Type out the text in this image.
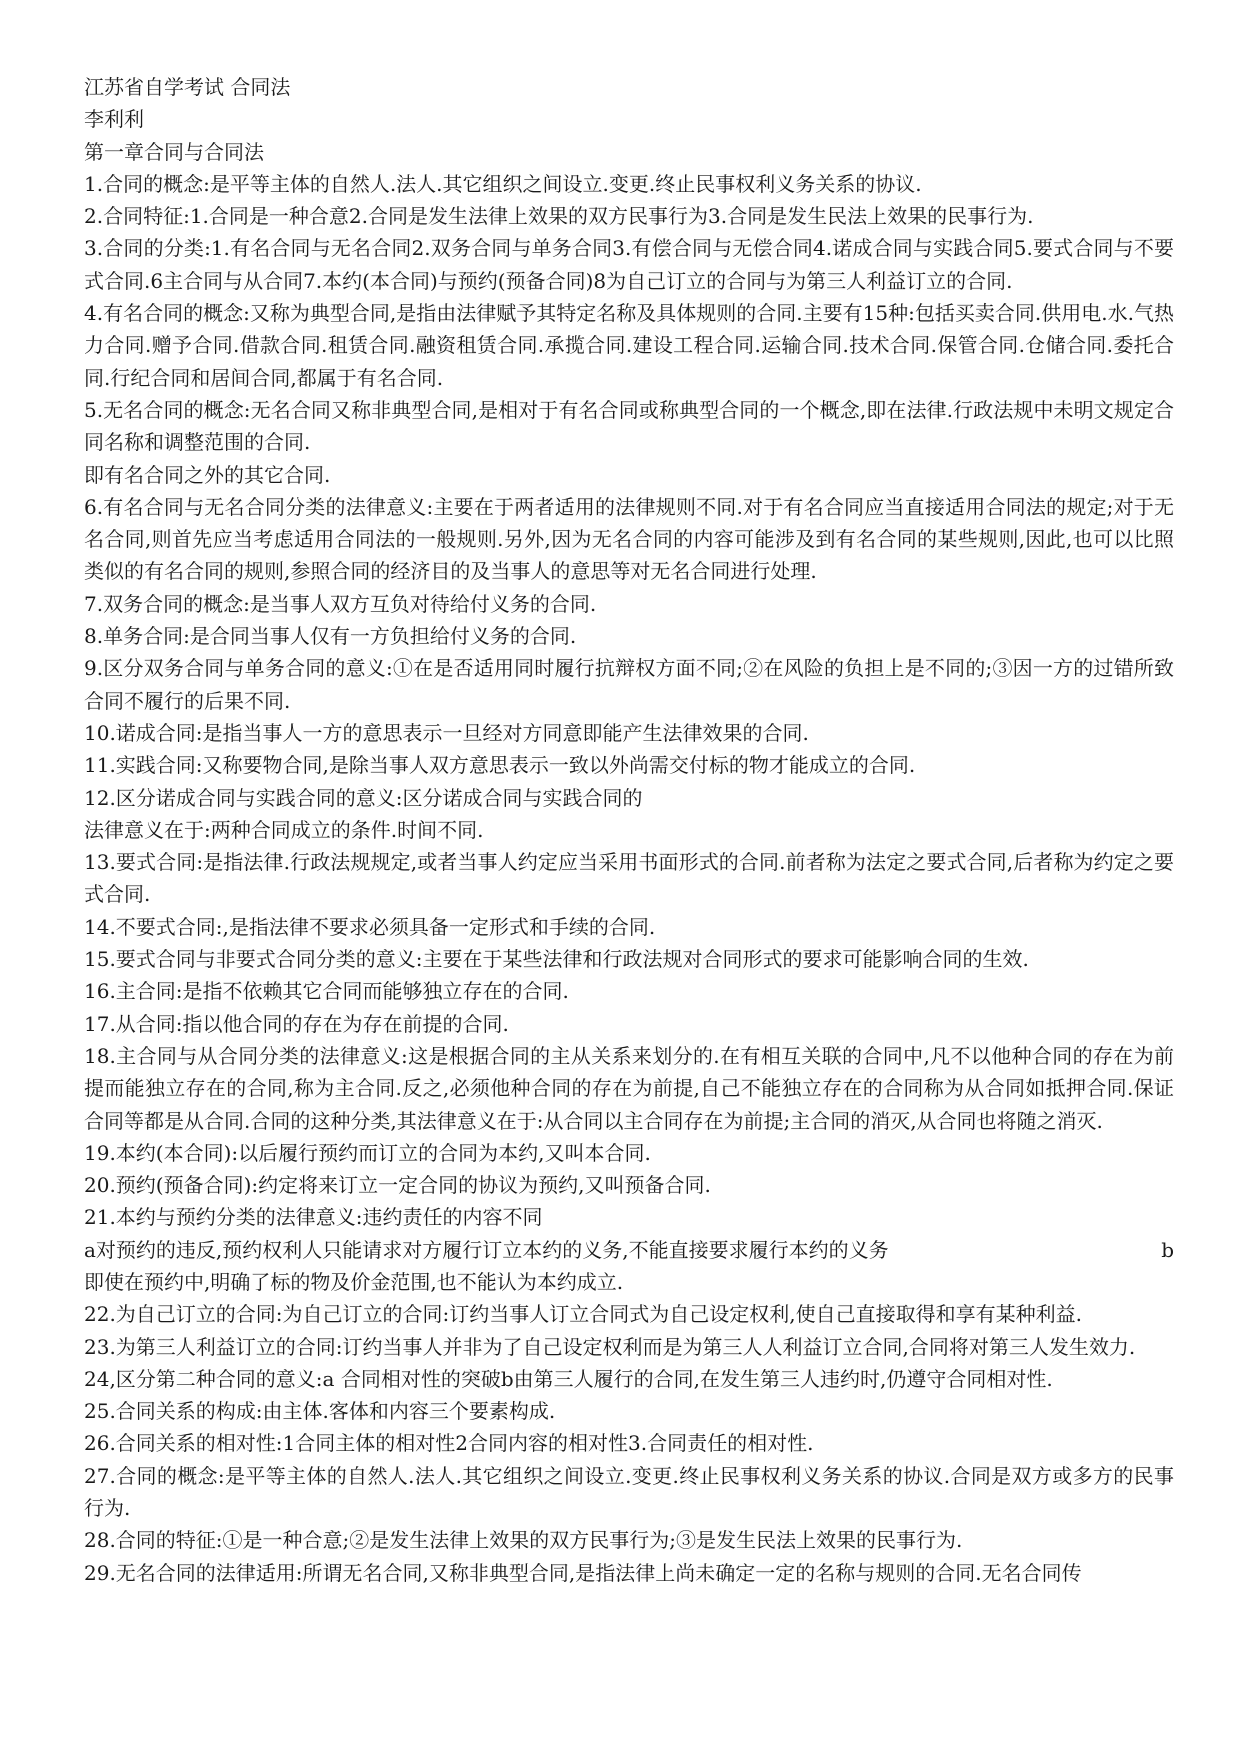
江苏省自学考试 合同法

李利利

第一章合同与合同法

1.合同的概念:是平等主体的自然人.法人.其它组织之间设立.变更.终止民事权利义务关系的协议.

2.合同特征:1.合同是一种合意2.合同是发生法律上效果的双方民事行为3.合同是发生民法上效果的民事行为.

3.合同的分类:1.有名合同与无名合同2.双务合同与单务合同3.有偿合同与无偿合同4.诺成合同与实践合同5.要式合同与不要式合同.6主合同与从合同7.本约(本合同)与预约(预备合同)8为自己订立的合同与为第三人利益订立的合同.

4.有名合同的概念:又称为典型合同,是指由法律赋予其特定名称及具体规则的合同.主要有15种:包括买卖合同.供用电.水.气热力合同.赠予合同.借款合同.租赁合同.融资租赁合同.承揽合同.建设工程合同.运输合同.技术合同.保管合同.仓储合同.委托合同.行纪合同和居间合同,都属于有名合同.

5.无名合同的概念:无名合同又称非典型合同,是相对于有名合同或称典型合同的一个概念,即在法律.行政法规中未明文规定合同名称和调整范围的合同.

即有名合同之外的其它合同.

6.有名合同与无名合同分类的法律意义:主要在于两者适用的法律规则不同.对于有名合同应当直接适用合同法的规定;对于无名合同,则首先应当考虑适用合同法的一般规则.另外,因为无名合同的内容可能涉及到有名合同的某些规则,因此,也可以比照类似的有名合同的规则,参照合同的经济目的及当事人的意思等对无名合同进行处理.

7.双务合同的概念:是当事人双方互负对待给付义务的合同.

8.单务合同:是合同当事人仅有一方负担给付义务的合同.

9.区分双务合同与单务合同的意义:①在是否适用同时履行抗辩权方面不同;②在风险的负担上是不同的;③因一方的过错所致合同不履行的后果不同.

10.诺成合同:是指当事人一方的意思表示一旦经对方同意即能产生法律效果的合同.

11.实践合同:又称要物合同,是除当事人双方意思表示一致以外尚需交付标的物才能成立的合同.

12.区分诺成合同与实践合同的意义:区分诺成合同与实践合同的

法律意义在于:两种合同成立的条件.时间不同.

13.要式合同:是指法律.行政法规规定,或者当事人约定应当采用书面形式的合同.前者称为法定之要式合同,后者称为约定之要式合同.

14.不要式合同:,是指法律不要求必须具备一定形式和手续的合同.

15.要式合同与非要式合同分类的意义:主要在于某些法律和行政法规对合同形式的要求可能影响合同的生效.

16.主合同:是指不依赖其它合同而能够独立存在的合同.

17.从合同:指以他合同的存在为存在前提的合同.

18.主合同与从合同分类的法律意义:这是根据合同的主从关系来划分的.在有相互关联的合同中,凡不以他种合同的存在为前提而能独立存在的合同,称为主合同.反之,必须他种合同的存在为前提,自己不能独立存在的合同称为从合同如抵押合同.保证合同等都是从合同.合同的这种分类,其法律意义在于:从合同以主合同存在为前提;主合同的消灭,从合同也将随之消灭.

19.本约(本合同):以后履行预约而订立的合同为本约,又叫本合同.

20.预约(预备合同):约定将来订立一定合同的协议为预约,又叫预备合同.

21.本约与预约分类的法律意义:违约责任的内容不同

a对预约的违反,预约权利人只能请求对方履行订立本约的义务,不能直接要求履行本约的义务	b

即使在预约中,明确了标的物及价金范围,也不能认为本约成立.

22.为自己订立的合同:为自己订立的合同:订约当事人订立合同式为自己设定权利,使自己直接取得和享有某种利益.

23.为第三人利益订立的合同:订约当事人并非为了自己设定权利而是为第三人人利益订立合同,合同将对第三人发生效力.

24,区分第二种合同的意义:a 合同相对性的突破b由第三人履行的合同,在发生第三人违约时,仍遵守合同相对性.

25.合同关系的构成:由主体.客体和内容三个要素构成.

26.合同关系的相对性:1合同主体的相对性2合同内容的相对性3.合同责任的相对性.

27.合同的概念:是平等主体的自然人.法人.其它组织之间设立.变更.终止民事权利义务关系的协议.合同是双方或多方的民事行为.

28.合同的特征:①是一种合意;②是发生法律上效果的双方民事行为;③是发生民法上效果的民事行为.

29.无名合同的法律适用:所谓无名合同,又称非典型合同,是指法律上尚未确定一定的名称与规则的合同.无名合同传
